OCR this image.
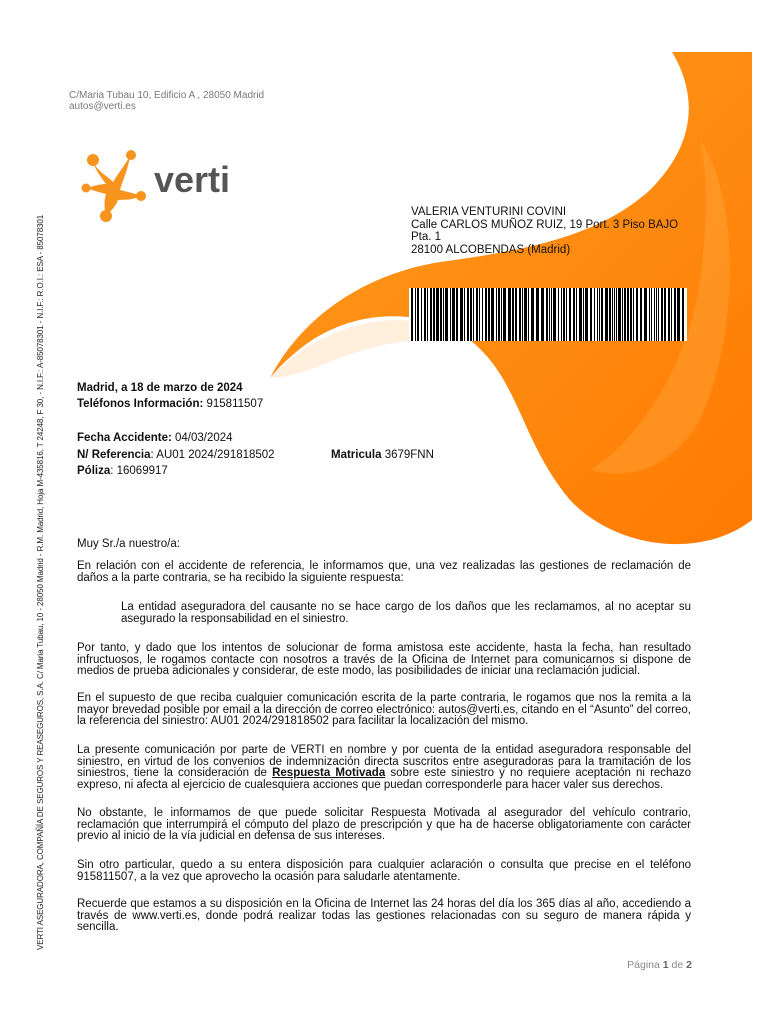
C/Maria Tubau 10, Edificio A , 28050 Madrid
autos@verti.es
verti
VALERIA VENTURINI COVINI
Calle CARLOS MUÑOZ RUIZ, 19 Port. 3 Piso BAJO
Pta. 1
28100 ALCOBENDAS (Madrid)
Madrid, a 18 de marzo de 2024
Teléfonos Información: 915811507
Fecha Accidente: 04/03/2024
N/ Referencia: AU01 2024/291818502	Matricula 3679FNN
Póliza: 16069917
Muy Sr./a nuestro/a:
En relación con el accidente de referencia, le informamos que, una vez realizadas las gestiones de reclamación de daños a la parte contraria, se ha recibido la siguiente respuesta:
La entidad aseguradora del causante no se hace cargo de los daños que les reclamamos, al no aceptar su asegurado la responsabilidad en el siniestro.
Por tanto, y dado que los intentos de solucionar de forma amistosa este accidente, hasta la fecha, han resultado infructuosos, le rogamos contacte con nosotros a través de la Oficina de Internet para comunicarnos si dispone de medios de prueba adicionales y considerar, de este modo, las posibilidades de iniciar una reclamación judicial.
En el supuesto de que reciba cualquier comunicación escrita de la parte contraria, le rogamos que nos la remita a la mayor brevedad posible por email a la dirección de correo electrónico: autos@verti.es, citando en el “Asunto” del correo, la referencia del siniestro: AU01 2024/291818502 para facilitar la localización del mismo.
La presente comunicación por parte de VERTI en nombre y por cuenta de la entidad aseguradora responsable del siniestro, en virtud de los convenios de indemnización directa suscritos entre aseguradoras para la tramitación de los siniestros, tiene la consideración de Respuesta Motivada sobre este siniestro y no requiere aceptación ni rechazo expreso, ni afecta al ejercicio de cualesquiera acciones que puedan corresponderle para hacer valer sus derechos.
No obstante, le informamos de que puede solicitar Respuesta Motivada al asegurador del vehículo contrario, reclamación que interrumpirá el cómputo del plazo de prescripción y que ha de hacerse obligatoriamente con carácter previo al inicio de la vía judicial en defensa de sus intereses.
Sin otro particular, quedo a su entera disposición para cualquier aclaración o consulta que precise en el teléfono 915811507, a la vez que aprovecho la ocasión para saludarle atentamente.
Recuerde que estamos a su disposición en la Oficina de Internet las 24 horas del día los 365 días al año, accediendo a través de www.verti.es, donde podrá realizar todas las gestiones relacionadas con su seguro de manera rápida y sencilla.
VERTI ASEGURADORA, COMPAÑÍA DE SEGUROS Y REASEGUROS, S.A. C/ Maria Tubau, 10 - 28050 Madrid - R.M. Madrid, Hoja M-435816, T 24248, F 30, - N.I.F.: A-85078301 - N.I.F.: R.O.I.: ESA - 85078301
Página 1 de 2
